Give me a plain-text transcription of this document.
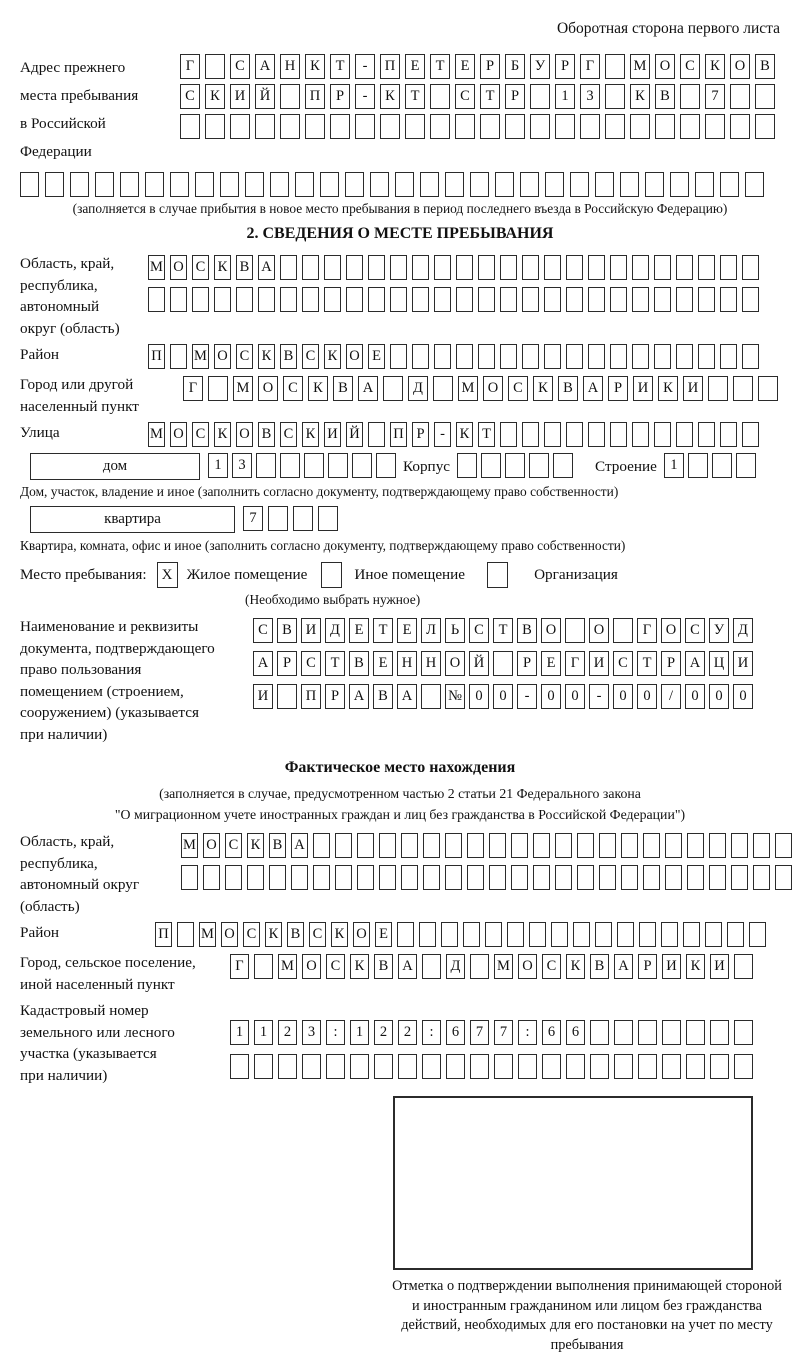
Оборотная сторона первого листа
Адрес прежнего
места пребывания
в Российской
Федерации
Г	С	А	Н	К	Т	-	П	Е	Т	Е	Р	Б	У	Р	Г	М О	С	К	О	В
С	К	И	Й	П	Р	-	К	Т	С	Т	Р	1	3	К	В	7
(заполняется в случае прибытия в новое место пребывания в период последнего въезда в Российскую Федерацию)
2. СВЕДЕНИЯ О МЕСТЕ ПРЕБЫВАНИЯ
Область, край,
республика,
автономный
округ (область)
М О С К В А
Район	П М О С К В С К О Е
Город или другой
населенный пункт
Г	М О	С	К	В	А	Д	М О	С	К	В	А	Р	И	К	И
Улица	М О С К О В С К И Й П Р	-	К Т
дом	1	3	Корпус	Строение 1
Дом, участок, владение и иное (заполнить согласно документу, подтверждающему право собственности)
квартира	7
Квартира, комната, офис и иное (заполнить согласно документу, подтверждающему право собственности)
Место пребывания:	X Жилое помещение	Иное помещение	Организация
(Необходимо выбрать нужное)
Наименование и реквизиты
документа, подтверждающего
право пользования
помещением (строением,
сооружением) (указывается
при наличии)
С В И Д	Е	Т	Е	Л	Ь	С	Т	В О	О	Г	О С У Д
А	Р	С	Т	В	Е Н Н О Й	Р	Е	Г	И С	Т	Р	А Ц И
И	П	Р	А В А	№ 0	0	-	0	0	-	0	0	/	0	0	0
Фактическое место нахождения
(заполняется в случае, предусмотренном частью 2 статьи 21 Федерального закона
"О миграционном учете иностранных граждан и лиц без гражданства в Российской Федерации")
Область, край,
республика,
автономный округ
(область)
М О С К В А
Район	П М О С К В С К О Е
Город, сельское поселение,
иной населенный пункт
Г	М О С К В А	Д	М О С К В А	Р	И К И
Кадастровый номер
земельного или лесного
участка (указывается
при наличии)
1	1	2	3	:	1	2	2	:	6	7	7	:	6	6
Отметка о подтверждении выполнения принимающей стороной и иностранным гражданином или лицом без гражданства действий, необходимых для его постановки на учет по месту пребывания
